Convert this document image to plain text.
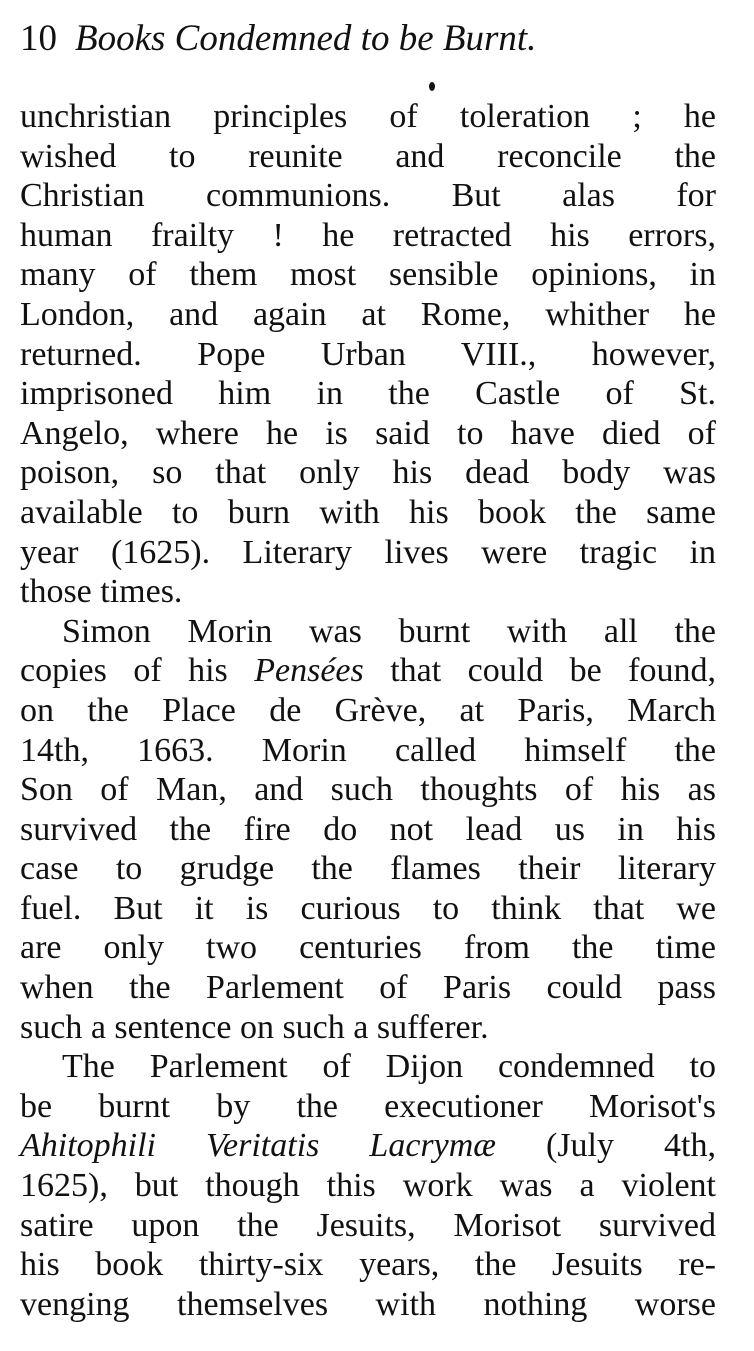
10 Books Condemned to be Burnt.
unchristian principles of toleration ; he
wished to reunite and reconcile the
Christian communions. But alas for
human frailty ! he retracted his errors,
many of them most sensible opinions, in
London, and again at Rome, whither he
returned. Pope Urban VIII., however,
imprisoned him in the Castle of St.
Angelo, where he is said to have died of
poison, so that only his dead body was
available to burn with his book the same
year (1625). Literary lives were tragic in
those times.
Simon Morin was burnt with all the
copies of his Pensées that could be found,
on the Place de Grève, at Paris, March
14th, 1663. Morin called himself the
Son of Man, and such thoughts of his as
survived the fire do not lead us in his
case to grudge the flames their literary
fuel. But it is curious to think that we
are only two centuries from the time
when the Parlement of Paris could pass
such a sentence on such a sufferer.
The Parlement of Dijon condemned to
be burnt by the executioner Morisot's
Ahitophili Veritatis Lacrymæ (July 4th,
1625), but though this work was a violent
satire upon the Jesuits, Morisot survived
his book thirty-six years, the Jesuits re-
venging themselves with nothing worse
